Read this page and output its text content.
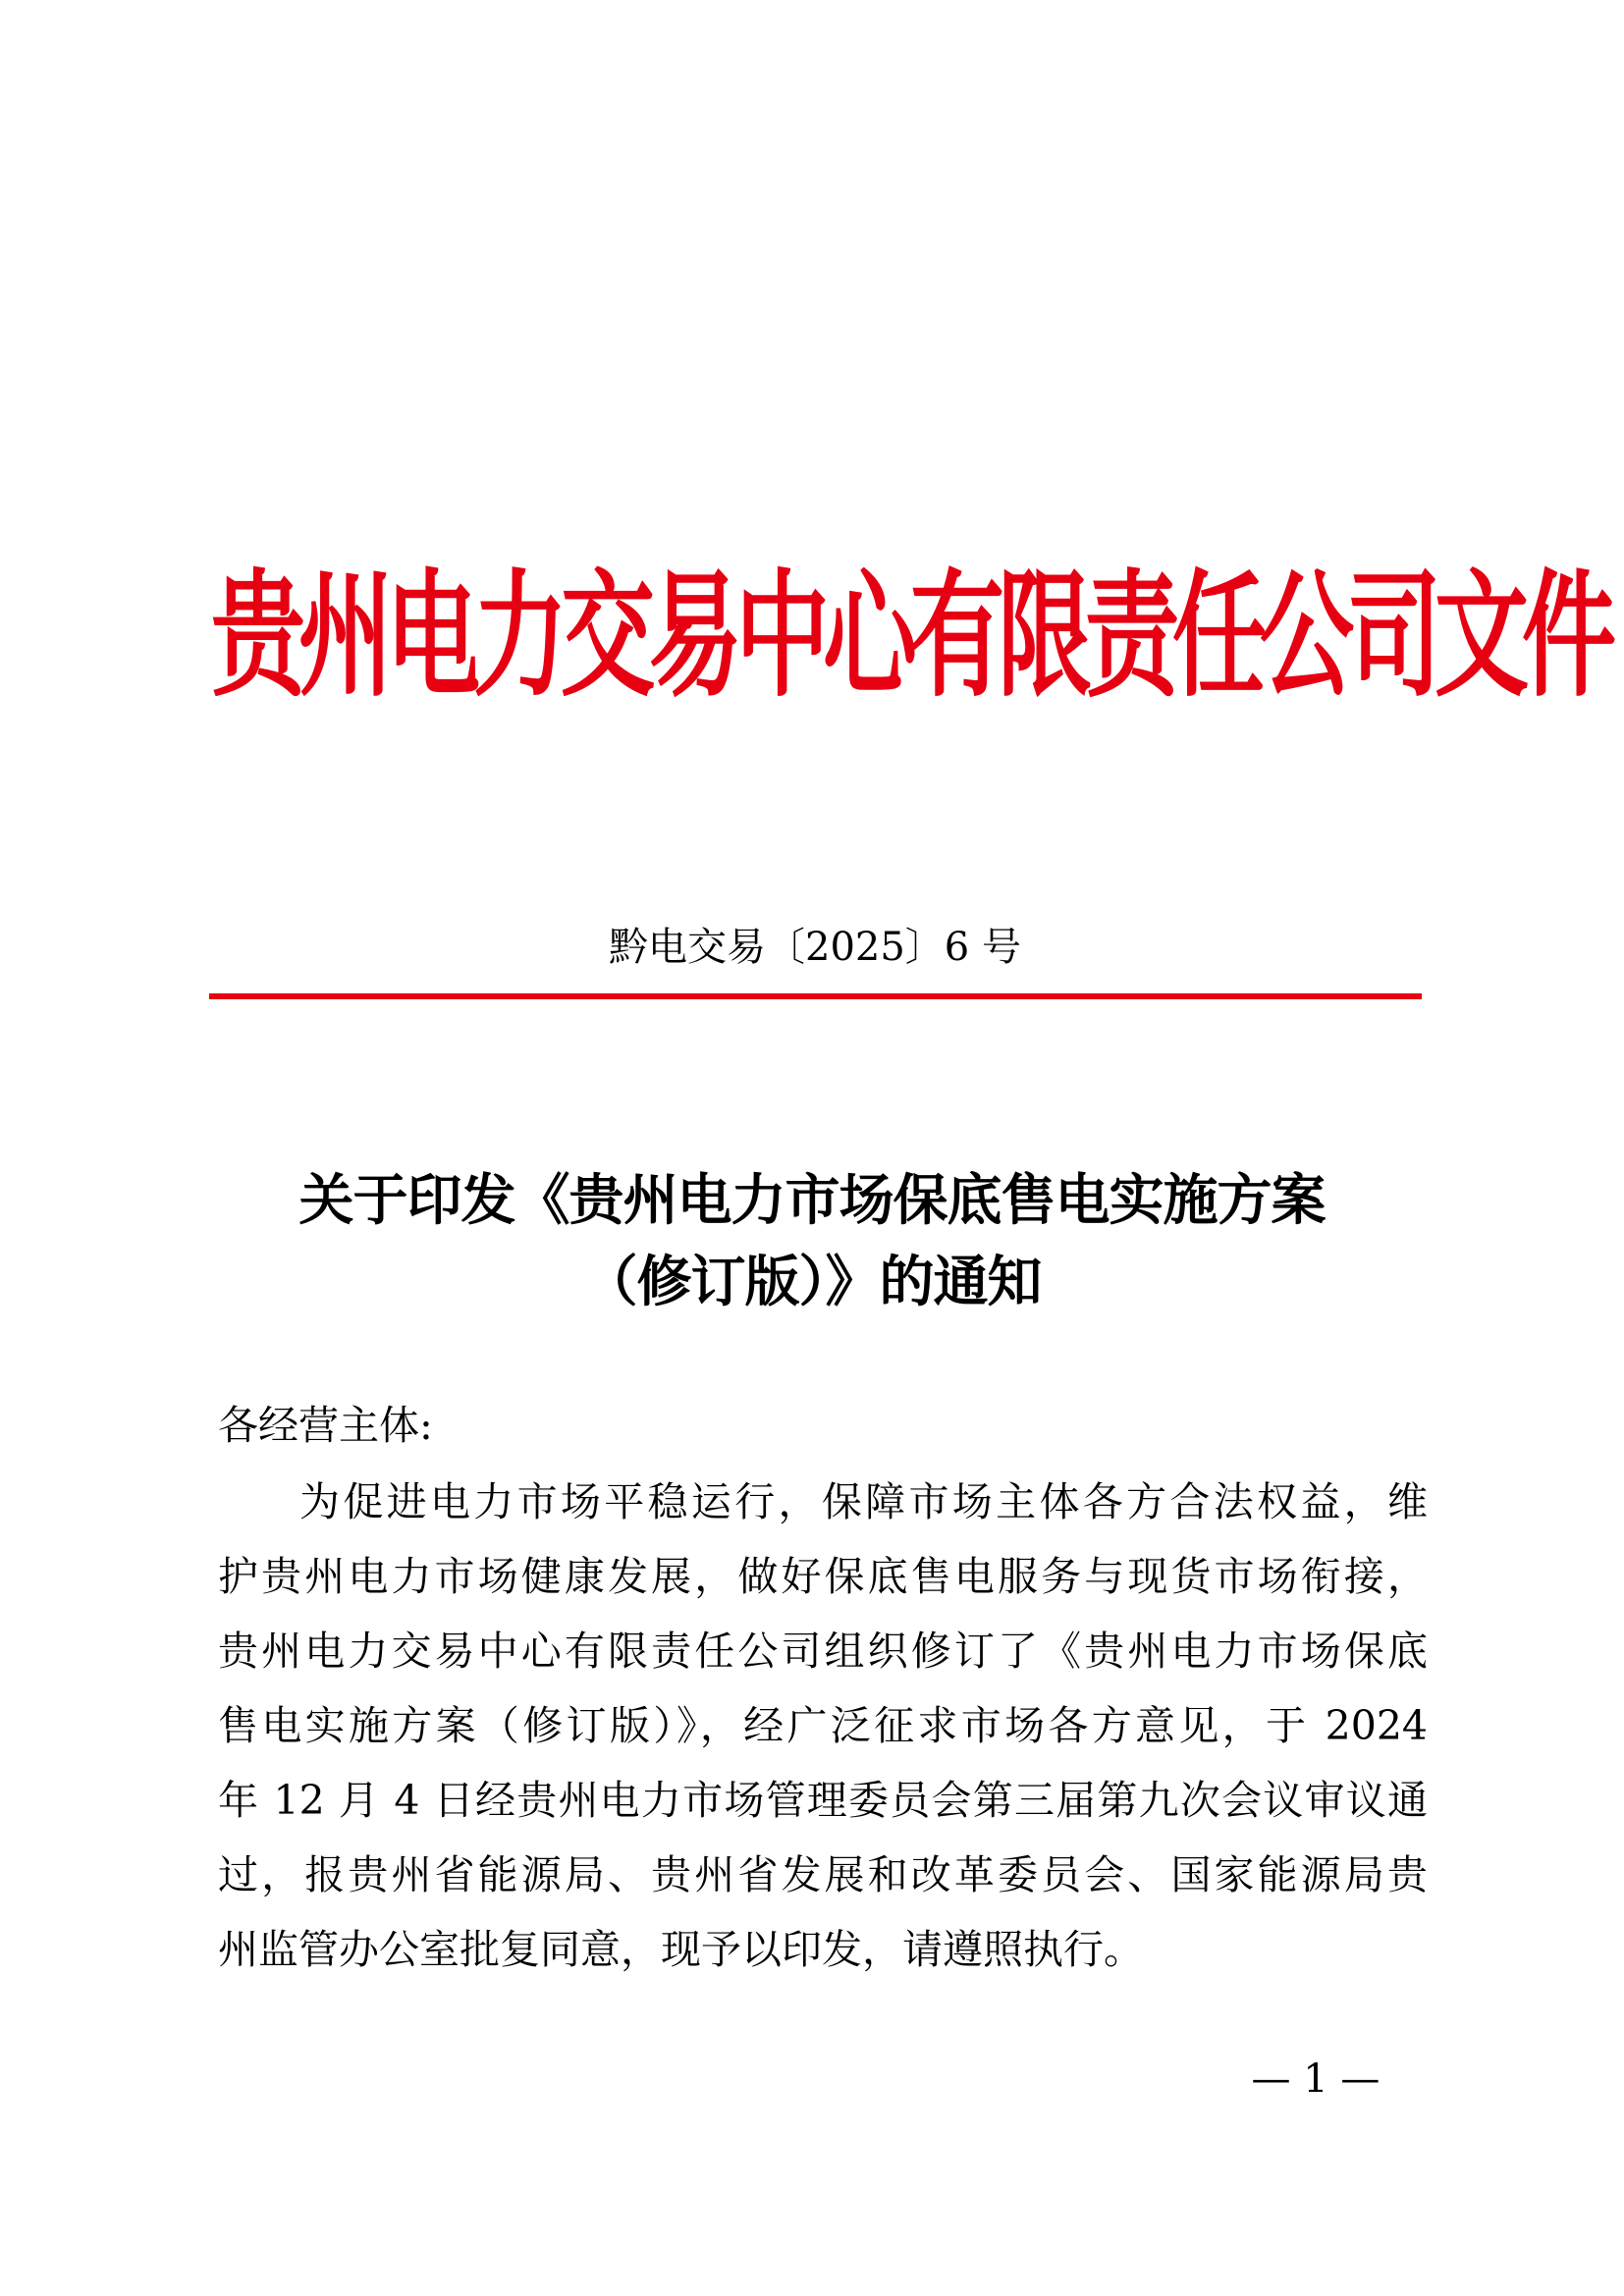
贵州电力交易中心有限责任公司文件
黔电交易〔2025〕6 号
关于印发《贵州电力市场保底售电实施方案
（修订版）》的通知
各经营主体:
为促进电力市场平稳运行，保障市场主体各方合法权益，维
护贵州电力市场健康发展，做好保底售电服务与现货市场衔接，
贵州电力交易中心有限责任公司组织修订了《贵州电力市场保底
售电实施方案（修订版）》，经广泛征求市场各方意见，于 2024
年 12 月 4 日经贵州电力市场管理委员会第三届第九次会议审议通
过，报贵州省能源局、贵州省发展和改革委员会、国家能源局贵
州监管办公室批复同意，现予以印发，请遵照执行。
— 1 —
